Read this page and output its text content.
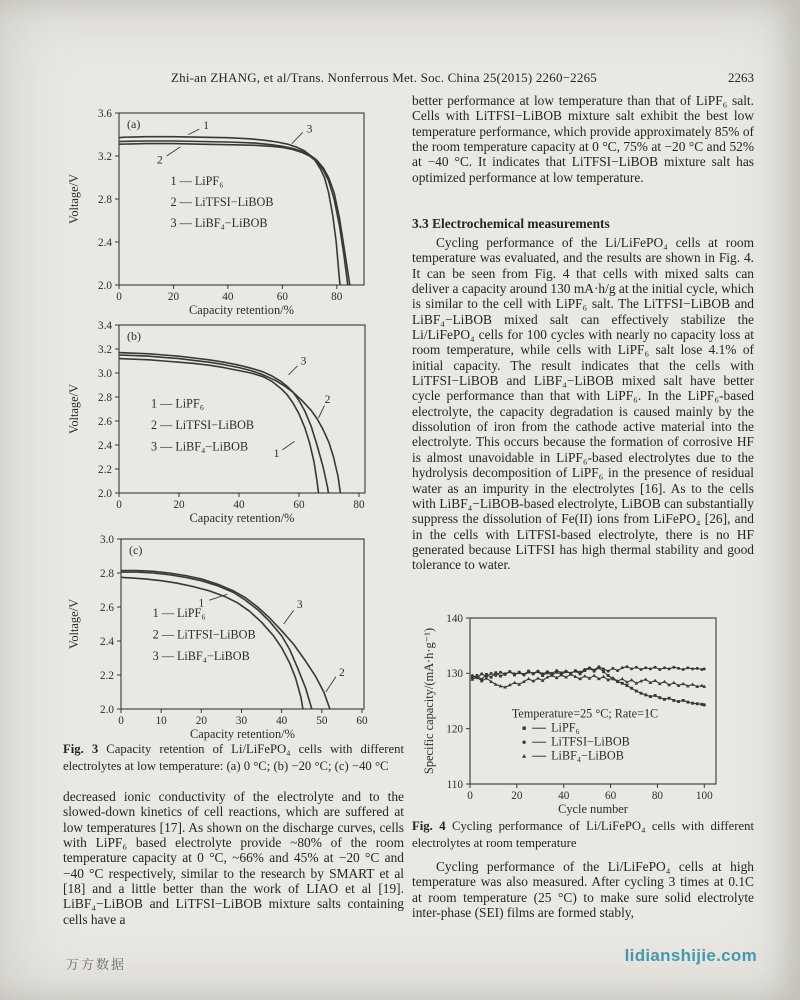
Zhi-an ZHANG, et al/Trans. Nonferrous Met. Soc. China 25(2015) 2260−2265	2263
0	20	40	60	80
2.0
2.4
2.8
3.2
3.6
Capacity retention/%
Voltage/V
(a)
1 — LiPF₆
2 — LiTFSI−LiBOB
3 — LiBF₄−LiBOB
1
2
3
0	20	40	60	80
2.0
2.2
2.4
2.6
2.8
3.0
3.2
3.4
Capacity retention/%
Voltage/V
(b)
1 — LiPF₆
2 — LiTFSI−LiBOB
3 — LiBF₄−LiBOB
3
2
1
0	10	20	30	40	50	60
2.0
2.2
2.4
2.6
2.8
3.0
Capacity retention/%
Voltage/V
(c)
1 — LiPF₆
2 — LiTFSI−LiBOB
3 — LiBF₄−LiBOB
1	3
2

Fig. 3 Capacity retention of Li/LiFePO₄ cells with different electrolytes at low temperature: (a) 0 °C; (b) −20 °C; (c) −40 °C

decreased ionic conductivity of the electrolyte and to the slowed-down kinetics of cell reactions, which are suffered at low temperatures [17]. As shown on the discharge curves, cells with LiPF₆ based electrolyte provide ~80% of the room temperature capacity at 0 °C, ~66% and 45% at −20 °C and −40 °C respectively, similar to the research by SMART et al [18] and a little better than the work of LIAO et al [19]. LiBF₄−LiBOB and LiTFSI−LiBOB mixture salts containing cells have a

better performance at low temperature than that of LiPF₆ salt. Cells with LiTFSI−LiBOB mixture salt exhibit the best low temperature performance, which provide approximately 85% of the room temperature capacity at 0 °C, 75% at −20 °C and 52% at −40 °C. It indicates that LiTFSI−LiBOB mixture salt has optimized performance at low temperature.

3.3 Electrochemical measurements

Cycling performance of the Li/LiFePO₄ cells at room temperature was evaluated, and the results are shown in Fig. 4. It can be seen from Fig. 4 that cells with mixed salts can deliver a capacity around 130 mA·h/g at the initial cycle, which is similar to the cell with LiPF₆ salt. The LiTFSI−LiBOB and LiBF₄−LiBOB mixed salt can effectively stabilize the Li/LiFePO₄ cells for 100 cycles with nearly no capacity loss at room temperature, while cells with LiPF₆ salt lose 4.1% of initial capacity. The result indicates that the cells with LiTFSI−LiBOB and LiBF₄−LiBOB mixed salt have better cycle performance than that with LiPF₆. In the LiPF₆-based electrolyte, the capacity degradation is caused mainly by the dissolution of iron from the cathode active material into the electrolyte. This occurs because the formation of corrosive HF is almost unavoidable in LiPF₆-based electrolytes due to the hydrolysis decomposition of LiPF₆ in the presence of residual water as an impurity in the electrolytes [16]. As to the cells with LiBF₄−LiBOB-based electrolyte, LiBOB can substantially suppress the dissolution of Fe(II) ions from LiFePO₄ [26], and in the cells with LiTFSI-based electrolyte, there is no HF generated because LiTFSI has high thermal stability and good tolerance to water.

0	20	40	60	80	100
110
120
130
140
Cycle number
Specific capacity/(mA·h·g⁻¹)	Temperature=25 °C; Rate=1C
LiPF₆
LiTFSI−LiBOB
LiBF₄−LiBOB

Fig. 4 Cycling performance of Li/LiFePO₄ cells with different electrolytes at room temperature

Cycling performance of the Li/LiFePO₄ cells at high temperature was also measured. After cycling 3 times at 0.1C at room temperature (25 °C) to make sure solid electrolyte inter-phase (SEI) films are formed stably,

万方数据	lidianshijie.com
